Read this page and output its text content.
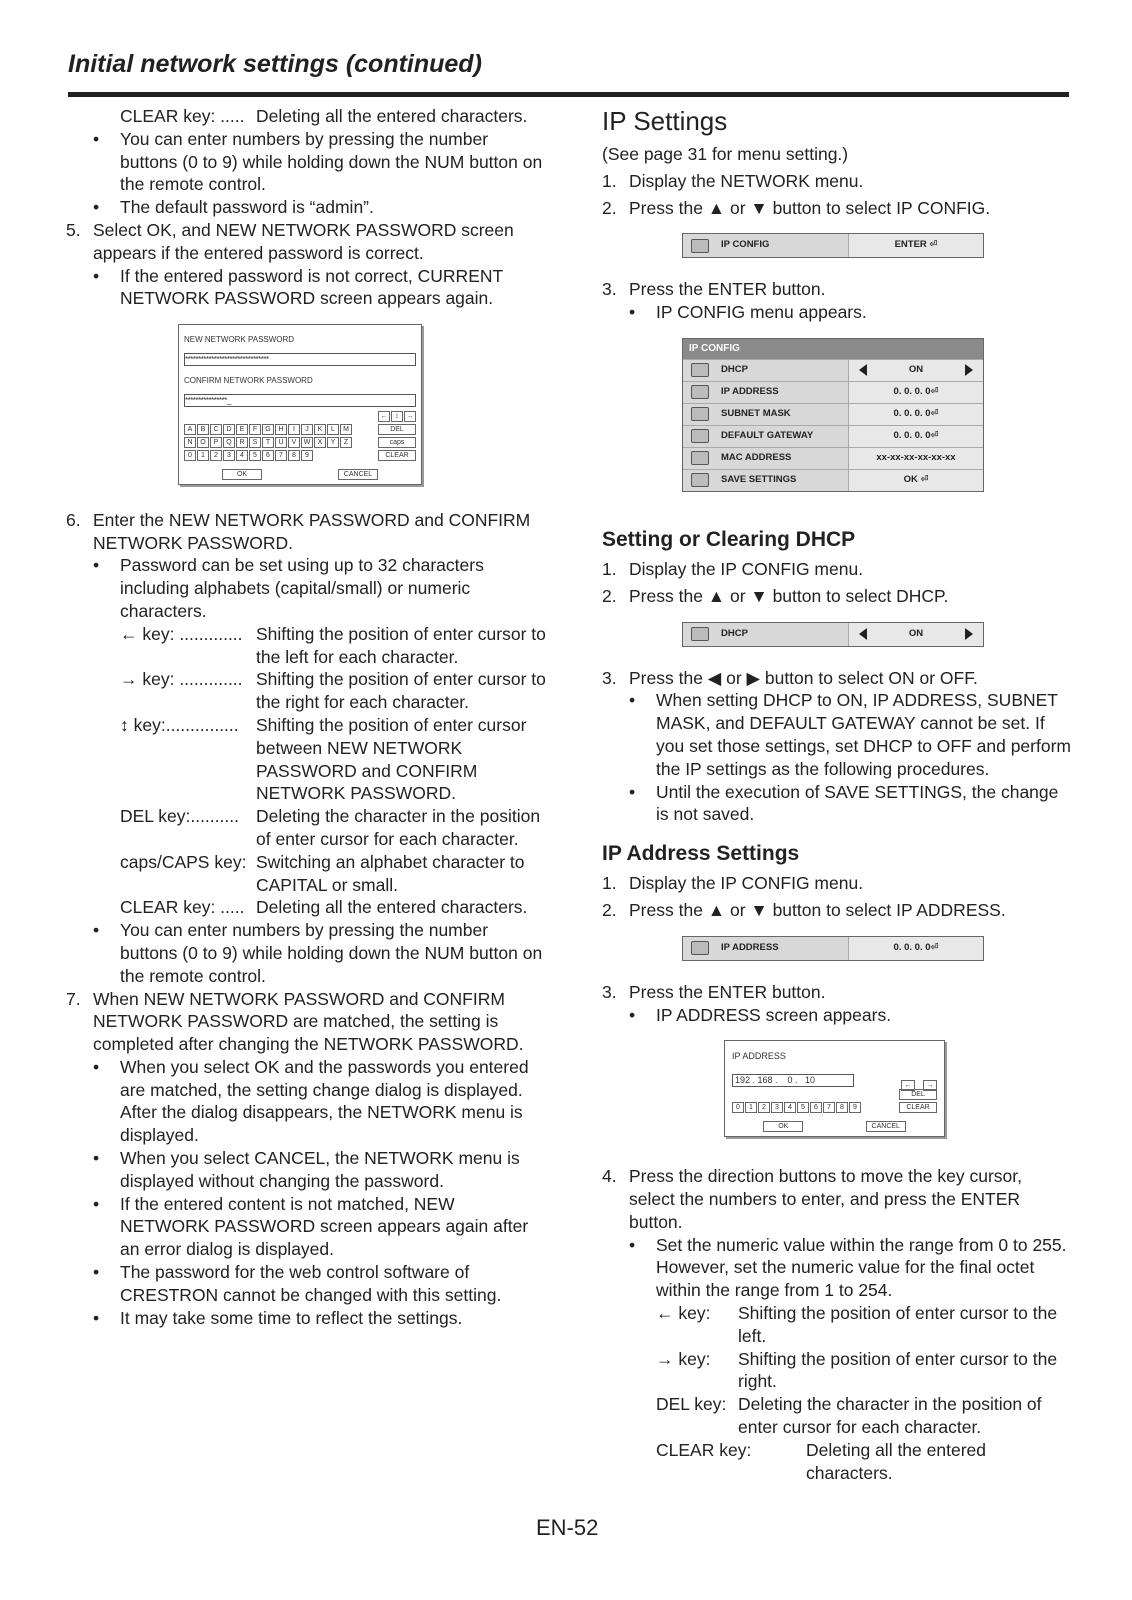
Initial network settings (continued)
CLEAR key: ..... Deleting all the entered characters.
•	You can enter numbers by pressing the number buttons (0 to 9) while holding down the NUM button on the remote control.
•	The default password is “admin”.
5. Select OK, and NEW NETWORK PASSWORD screen appears if the entered password is correct.
•	If the entered password is not correct, CURRENT NETWORK PASSWORD screen appears again.
NEW NETWORK PASSWORD
********************************
CONFIRM NETWORK PASSWORD
****************_
←	↕	→
A	B	C	D	E	F	G	H	I	J	K	L	M	DEL
N	O	P	Q	R	S	T	U	V	W	X	Y	Z	caps
0	1	2	3	4	5	6	7	8	9	CLEAR
OK	CANCEL
6. Enter the NEW NETWORK PASSWORD and CONFIRM NETWORK PASSWORD.
•	Password can be set using up to 32 characters including alphabets (capital/small) or numeric characters.
← key: ............. Shifting the position of enter cursor to the left for each character.
→ key: ............. Shifting the position of enter cursor to the right for each character.
↕ key:............... Shifting the position of enter cursor between NEW NETWORK PASSWORD and CONFIRM NETWORK PASSWORD.
DEL key:.......... Deleting the character in the position of enter cursor for each character.
caps/CAPS key: Switching an alphabet character to CAPITAL or small.
CLEAR key: ..... Deleting all the entered characters.
•	You can enter numbers by pressing the number buttons (0 to 9) while holding down the NUM button on the remote control.
7. When NEW NETWORK PASSWORD and CONFIRM NETWORK PASSWORD are matched, the setting is completed after changing the NETWORK PASSWORD.
•	When you select OK and the passwords you entered are matched, the setting change dialog is displayed. After the dialog disappears, the NETWORK menu is displayed.
•	When you select CANCEL, the NETWORK menu is displayed without changing the password.
•	If the entered content is not matched, NEW NETWORK PASSWORD screen appears again after an error dialog is displayed.
•	The password for the web control software of CRESTRON cannot be changed with this setting.
•	It may take some time to reflect the settings.
IP Settings
(See page 31 for menu setting.)
1. Display the NETWORK menu.
2. Press the ▲ or ▼ button to select IP CONFIG.
IP CONFIG	ENTER ⏎
3. Press the ENTER button.
•	IP CONFIG menu appears.
IP CONFIG
DHCP	ON
IP ADDRESS	0. 0. 0. 0⏎
SUBNET MASK	0. 0. 0. 0⏎
DEFAULT GATEWAY	0. 0. 0. 0⏎
MAC ADDRESS	xx-xx-xx-xx-xx-xx
SAVE SETTINGS	OK ⏎
Setting or Clearing DHCP
1. Display the IP CONFIG menu.
2. Press the ▲ or ▼ button to select DHCP.
DHCP	ON
3. Press the ◀ or ▶ button to select ON or OFF.
•	When setting DHCP to ON, IP ADDRESS, SUBNET MASK, and DEFAULT GATEWAY cannot be set. If you set those settings, set DHCP to OFF and perform the IP settings as the following procedures.
•	Until the execution of SAVE SETTINGS, the change is not saved.
IP Address Settings
1. Display the IP CONFIG menu.
2. Press the ▲ or ▼ button to select IP ADDRESS.
IP ADDRESS	0. 0. 0. 0⏎
3. Press the ENTER button.
•	IP ADDRESS screen appears.
IP ADDRESS
192 . 168 .    0 .   10
←	→
DEL
0	1	2	3	4	5	6	7	8	9	CLEAR
OK	CANCEL
4. Press the direction buttons to move the key cursor, select the numbers to enter, and press the ENTER button.
•	Set the numeric value within the range from 0 to 255. However, set the numeric value for the final octet within the range from 1 to 254.
← key:	Shifting the position of enter cursor to the left.
→ key:	Shifting the position of enter cursor to the right.
DEL key: Deleting the character in the position of enter cursor for each character.
CLEAR key:	Deleting all the entered characters.
EN-52
